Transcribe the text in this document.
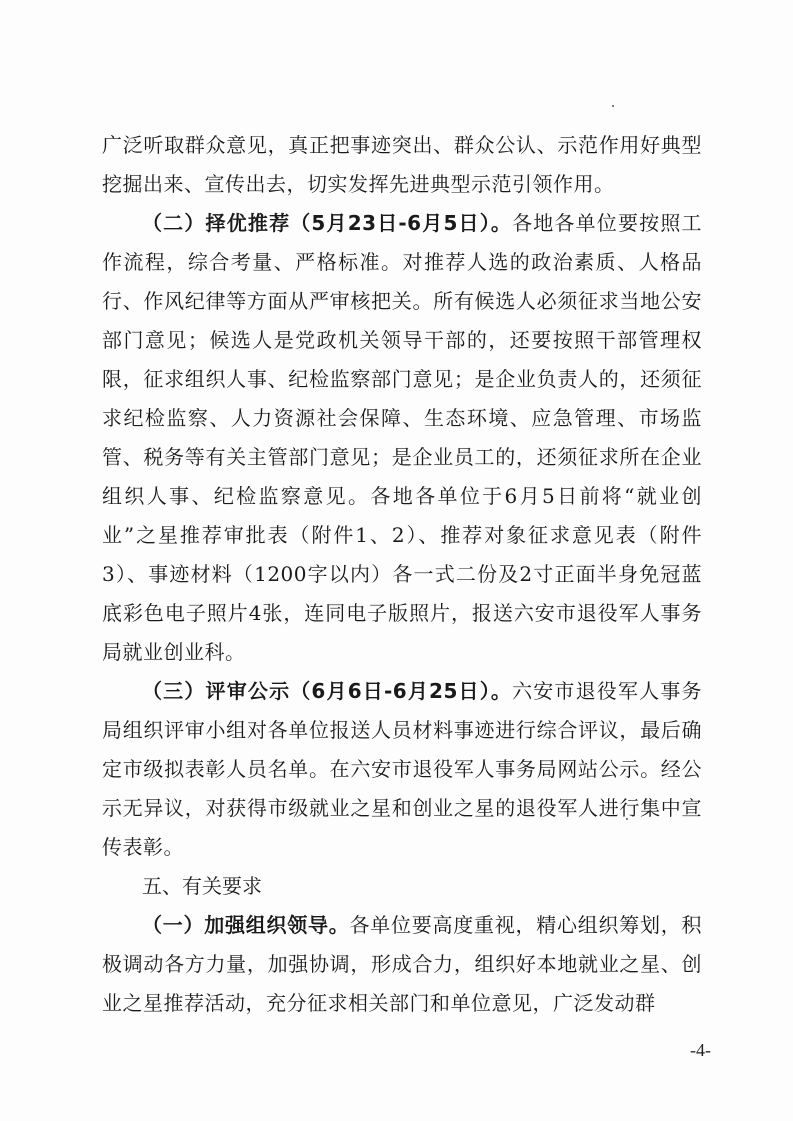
广泛听取群众意见，真正把事迹突出、群众公认、示范作用好典型挖掘出来、宣传出去，切实发挥先进典型示范引领作用。

（二）择优推荐（5月23日-6月5日）。各地各单位要按照工作流程，综合考量、严格标准。对推荐人选的政治素质、人格品行、作风纪律等方面从严审核把关。所有候选人必须征求当地公安部门意见；候选人是党政机关领导干部的，还要按照干部管理权限，征求组织人事、纪检监察部门意见；是企业负责人的，还须征求纪检监察、人力资源社会保障、生态环境、应急管理、市场监管、税务等有关主管部门意见；是企业员工的，还须征求所在企业组织人事、纪检监察意见。各地各单位于6月5日前将“就业创业”之星推荐审批表（附件1、2）、推荐对象征求意见表（附件3）、事迹材料（1200字以内）各一式二份及2寸正面半身免冠蓝底彩色电子照片4张，连同电子版照片，报送六安市退役军人事务局就业创业科。

（三）评审公示（6月6日-6月25日）。六安市退役军人事务局组织评审小组对各单位报送人员材料事迹进行综合评议，最后确定市级拟表彰人员名单。在六安市退役军人事务局网站公示。经公示无异议，对获得市级就业之星和创业之星的退役军人进行集中宣传表彰。

五、有关要求

（一）加强组织领导。各单位要高度重视，精心组织筹划，积极调动各方力量，加强协调，形成合力，组织好本地就业之星、创业之星推荐活动，充分征求相关部门和单位意见，广泛发动群

-4-
